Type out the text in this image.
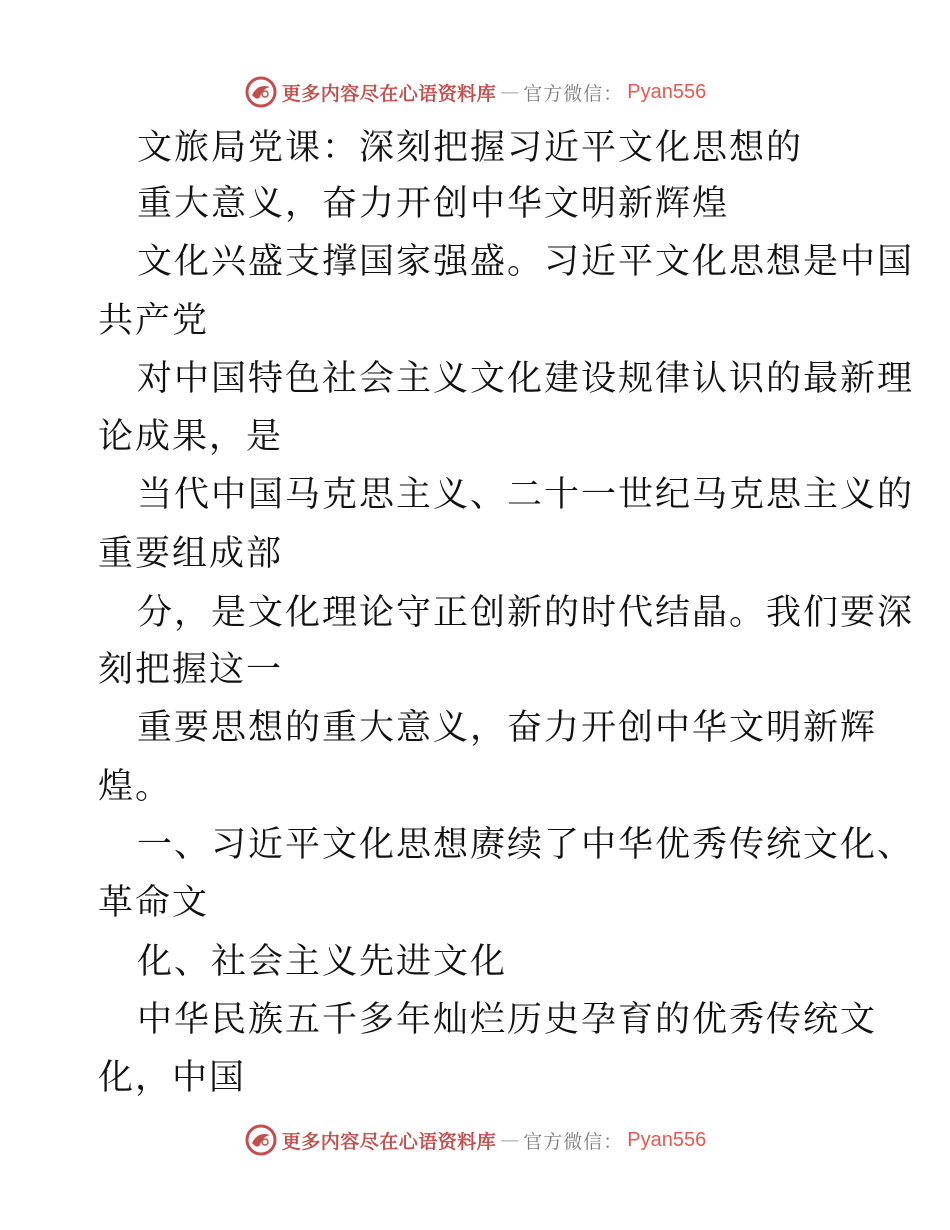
更多内容尽在心语资料库 — 官方微信： Pyan556
文旅局党课：深刻把握习近平文化思想的
重大意义，奋力开创中华文明新辉煌
文化兴盛支撑国家强盛。习近平文化思想是中国
共产党
对中国特色社会主义文化建设规律认识的最新理
论成果，是
当代中国马克思主义、二十一世纪马克思主义的
重要组成部
分，是文化理论守正创新的时代结晶。我们要深
刻把握这一
重要思想的重大意义，奋力开创中华文明新辉
煌。
一、习近平文化思想赓续了中华优秀传统文化、
革命文
化、社会主义先进文化
中华民族五千多年灿烂历史孕育的优秀传统文
化，中国
更多内容尽在心语资料库 — 官方微信： Pyan556
